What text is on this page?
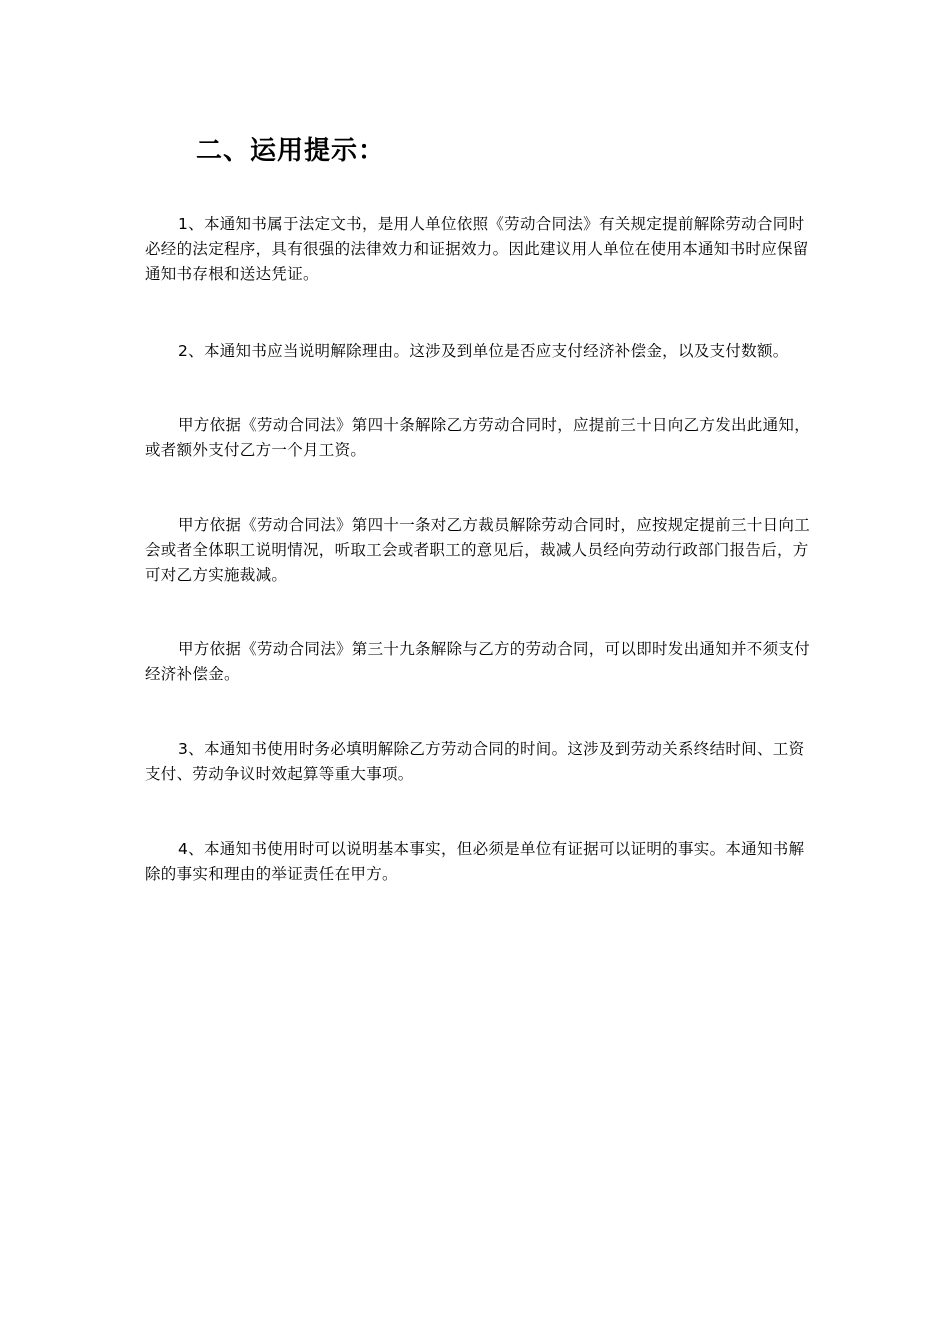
二、运用提示：

1、本通知书属于法定文书，是用人单位依照《劳动合同法》有关规定提前解除劳动合同时必经的法定程序，具有很强的法律效力和证据效力。因此建议用人单位在使用本通知书时应保留通知书存根和送达凭证。

2、本通知书应当说明解除理由。这涉及到单位是否应支付经济补偿金，以及支付数额。

甲方依据《劳动合同法》第四十条解除乙方劳动合同时，应提前三十日向乙方发出此通知，或者额外支付乙方一个月工资。

甲方依据《劳动合同法》第四十一条对乙方裁员解除劳动合同时，应按规定提前三十日向工会或者全体职工说明情况，听取工会或者职工的意见后，裁减人员经向劳动行政部门报告后，方可对乙方实施裁减。

甲方依据《劳动合同法》第三十九条解除与乙方的劳动合同，可以即时发出通知并不须支付经济补偿金。

3、本通知书使用时务必填明解除乙方劳动合同的时间。这涉及到劳动关系终结时间、工资支付、劳动争议时效起算等重大事项。

4、本通知书使用时可以说明基本事实，但必须是单位有证据可以证明的事实。本通知书解除的事实和理由的举证责任在甲方。
